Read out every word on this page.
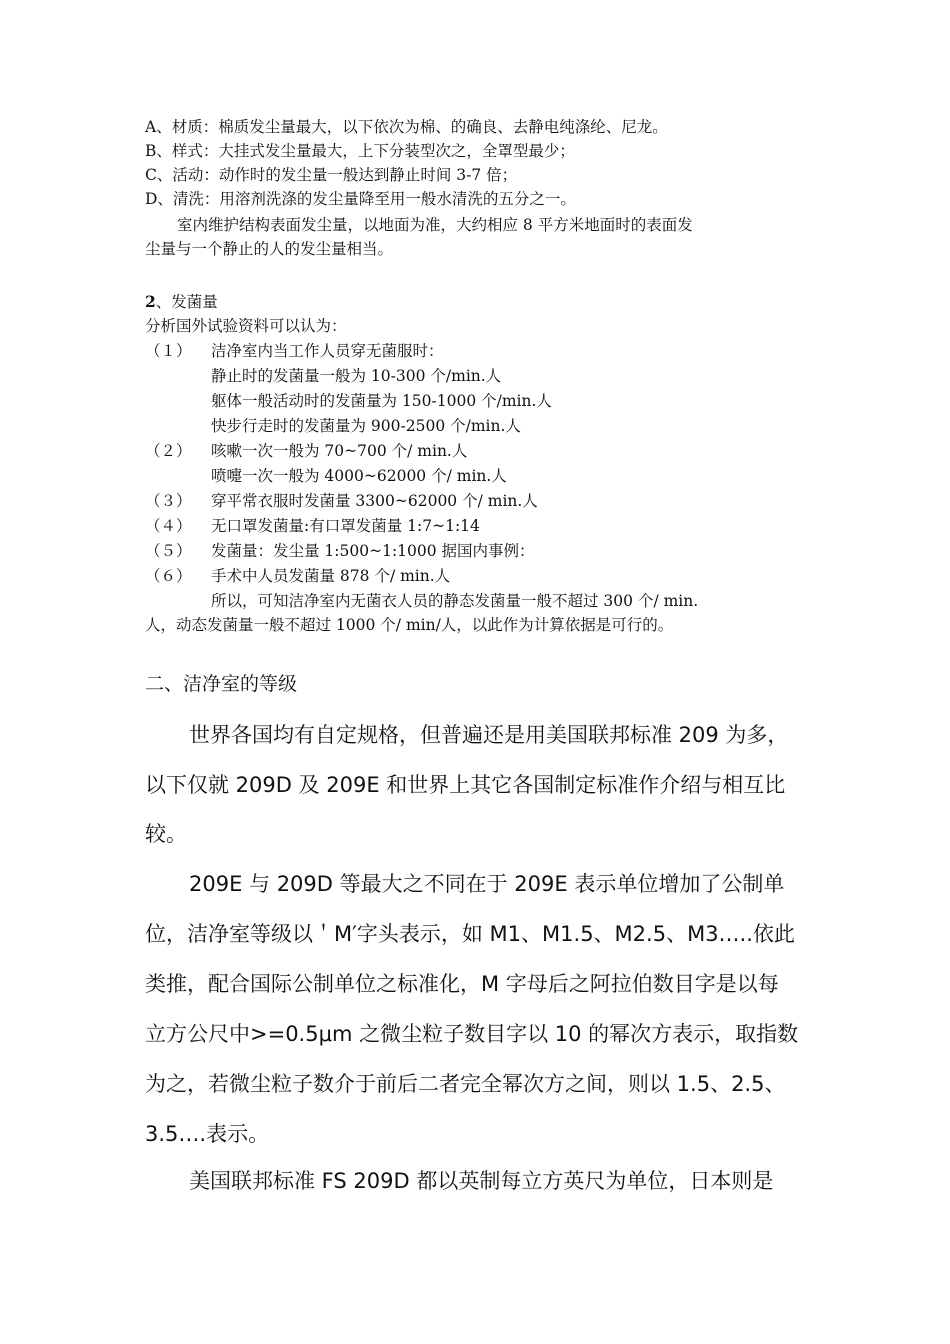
A、材质：棉质发尘量最大，以下依次为棉、的确良、去静电纯涤纶、尼龙。
B、样式：大挂式发尘量最大，上下分装型次之，全罩型最少；
C、活动：动作时的发尘量一般达到静止时间 3-7 倍；
D、清洗：用溶剂洗涤的发尘量降至用一般水清洗的五分之一。
室内维护结构表面发尘量，以地面为准，大约相应 8 平方米地面时的表面发
尘量与一个静止的人的发尘量相当。
2、发菌量
分析国外试验资料可以认为：
（１） 洁净室内当工作人员穿无菌服时：
静止时的发菌量一般为 10-300 个/min.人
躯体一般活动时的发菌量为 150-1000 个/min.人
快步行走时的发菌量为 900-2500 个/min.人
（２） 咳嗽一次一般为 70~700 个/ min.人
喷嚏一次一般为 4000~62000 个/ min.人
（３） 穿平常衣服时发菌量 3300~62000 个/ min.人
（４） 无口罩发菌量:有口罩发菌量 1:7~1:14
（５） 发菌量：发尘量 1:500~1:1000 据国内事例：
（６） 手术中人员发菌量 878 个/ min.人
所以，可知洁净室内无菌衣人员的静态发菌量一般不超过 300 个/ min.
人，动态发菌量一般不超过 1000 个/ min/人，以此作为计算依据是可行的。
二、洁净室的等级
世界各国均有自定规格，但普遍还是用美国联邦标准 209 为多，
以下仅就 209D 及 209E 和世界上其它各国制定标准作介绍与相互比
较。
209E 与 209D 等最大之不同在于 209E 表示单位增加了公制单
位，洁净室等级以＇M′字头表示，如 M1、M1.5、M2.5、M3…..依此
类推，配合国际公制单位之标准化，M 字母后之阿拉伯数目字是以每
立方公尺中>=0.5μm 之微尘粒子数目字以 10 的幂次方表示，取指数
为之，若微尘粒子数介于前后二者完全幂次方之间，则以 1.5、2.5、
3.5….表示。
美国联邦标准 FS 209D 都以英制每立方英尺为单位，日本则是
